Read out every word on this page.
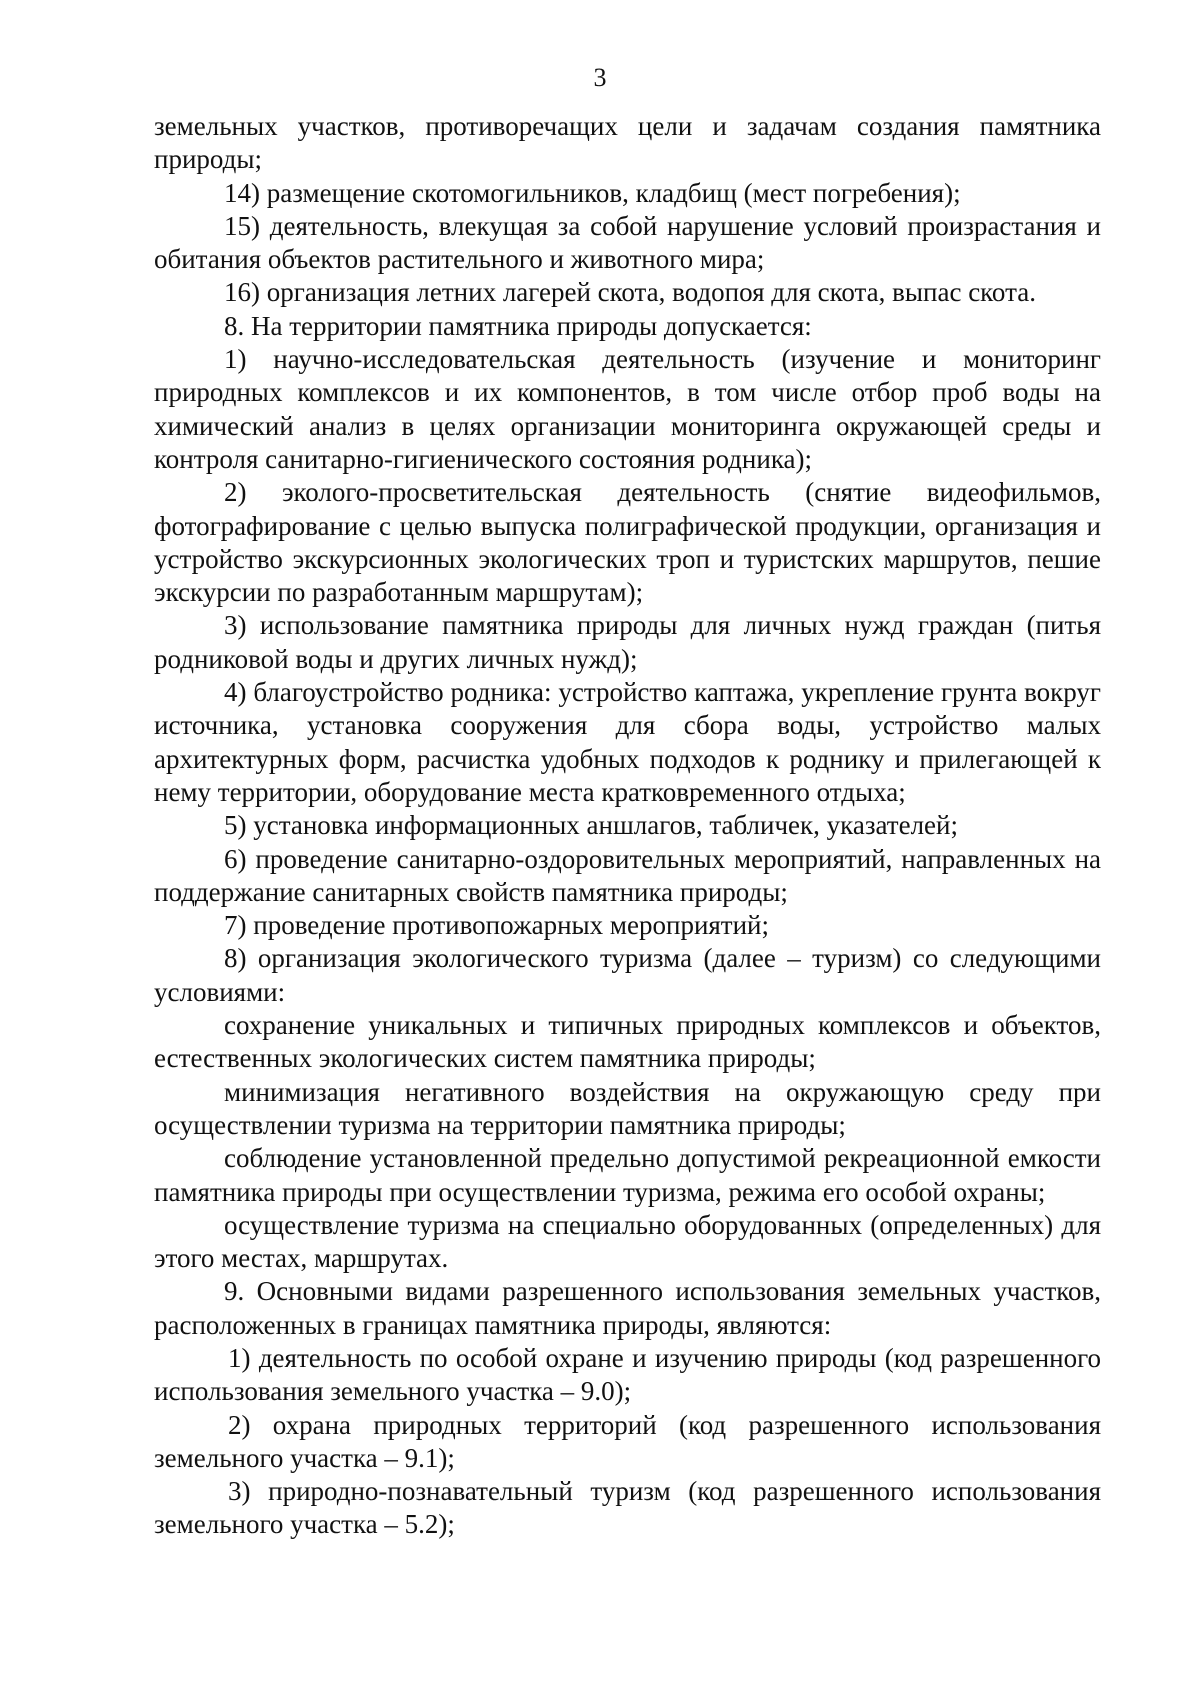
3

земельных участков, противоречащих цели и задачам создания памятника природы;

14) размещение скотомогильников, кладбищ (мест погребения);

15) деятельность, влекущая за собой нарушение условий произрастания и обитания объектов растительного и животного мира;

16) организация летних лагерей скота, водопоя для скота, выпас скота.

8. На территории памятника природы допускается:

1) научно-исследовательская деятельность (изучение и мониторинг природных комплексов и их компонентов, в том числе отбор проб воды на химический анализ в целях организации мониторинга окружающей среды и контроля санитарно-гигиенического состояния родника);

2) эколого-просветительская деятельность (снятие видеофильмов, фотографирование с целью выпуска полиграфической продукции, организация и устройство экскурсионных экологических троп и туристских маршрутов, пешие экскурсии по разработанным маршрутам);

3) использование памятника природы для личных нужд граждан (питья родниковой воды и других личных нужд);

4) благоустройство родника: устройство каптажа, укрепление грунта вокруг источника, установка сооружения для сбора воды, устройство малых архитектурных форм, расчистка удобных подходов к роднику и прилегающей к нему территории, оборудование места кратковременного отдыха;

5) установка информационных аншлагов, табличек, указателей;

6) проведение санитарно-оздоровительных мероприятий, направленных на поддержание санитарных свойств памятника природы;

7) проведение противопожарных мероприятий;

8) организация экологического туризма (далее – туризм) со следующими условиями:

сохранение уникальных и типичных природных комплексов и объектов, естественных экологических систем памятника природы;

минимизация негативного воздействия на окружающую среду при осуществлении туризма на территории памятника природы;

соблюдение установленной предельно допустимой рекреационной емкости памятника природы при осуществлении туризма, режима его особой охраны;

осуществление туризма на специально оборудованных (определенных) для этого местах, маршрутах.

9. Основными видами разрешенного использования земельных участков, расположенных в границах памятника природы, являются:

1) деятельность по особой охране и изучению природы (код разрешенного использования земельного участка – 9.0);

2) охрана природных территорий (код разрешенного использования земельного участка – 9.1);

3) природно-познавательный туризм (код разрешенного использования земельного участка – 5.2);
